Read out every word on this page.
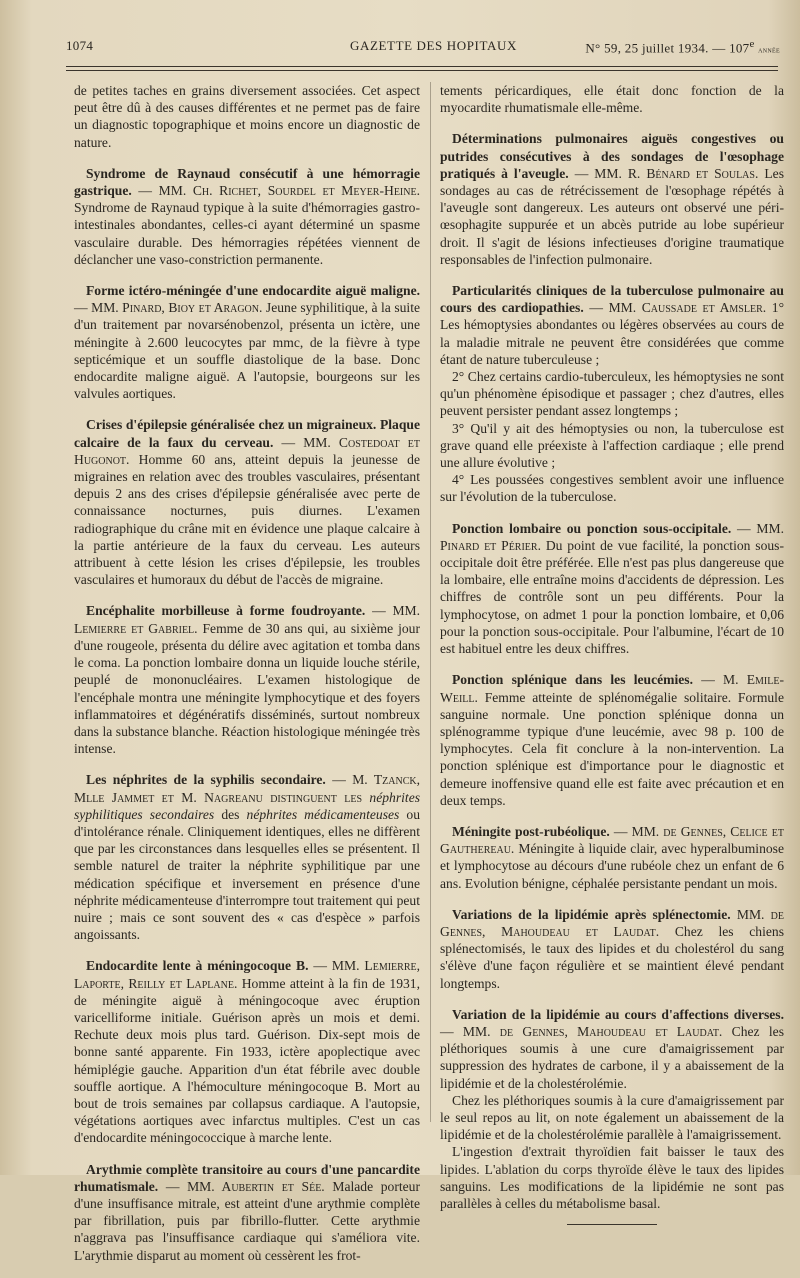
1074	GAZETTE DES HOPITAUX	N° 59, 25 juillet 1934. — 107e année

de petites taches en grains diversement associées. Cet aspect peut être dû à des causes différentes et ne permet pas de faire un diagnostic topographique et moins encore un diagnostic de nature.

Syndrome de Raynaud consécutif à une hémorragie gastrique. — MM. Ch. Richet, Sourdel et Meyer-Heine. Syndrome de Raynaud typique à la suite d'hémorragies gastro-intestinales abondantes, celles-ci ayant déterminé un spasme vasculaire durable. Des hémorragies répétées viennent de déclancher une vaso-constriction permanente.

Forme ictéro-méningée d'une endocardite aiguë maligne. — MM. Pinard, Bioy et Aragon. Jeune syphilitique, à la suite d'un traitement par novarsénobenzol, présenta un ictère, une méningite à 2.600 leucocytes par mmc, de la fièvre à type septicémique et un souffle diastolique de la base. Donc endocardite maligne aiguë. A l'autopsie, bourgeons sur les valvules aortiques.

Crises d'épilepsie généralisée chez un migraineux. Plaque calcaire de la faux du cerveau. — MM. Costedoat et Hugonot. Homme 60 ans, atteint depuis la jeunesse de migraines en relation avec des troubles vasculaires, présentant depuis 2 ans des crises d'épilepsie généralisée avec perte de connaissance nocturnes, puis diurnes. L'examen radiographique du crâne mit en évidence une plaque calcaire à la partie antérieure de la faux du cerveau. Les auteurs attribuent à cette lésion les crises d'épilepsie, les troubles vasculaires et humoraux du début de l'accès de migraine.

Encéphalite morbilleuse à forme foudroyante. — MM. Lemierre et Gabriel. Femme de 30 ans qui, au sixième jour d'une rougeole, présenta du délire avec agitation et tomba dans le coma. La ponction lombaire donna un liquide louche stérile, peuplé de mononucléaires. L'examen histologique de l'encéphale montra une méningite lymphocytique et des foyers inflammatoires et dégénératifs disséminés, surtout nombreux dans la substance blanche. Réaction histologique méningée très intense.

Les néphrites de la syphilis secondaire. — M. Tzanck, Mlle Jammet et M. Nagreanu distinguent les néphrites syphilitiques secondaires des néphrites médicamenteuses ou d'intolérance rénale. Cliniquement identiques, elles ne diffèrent que par les circonstances dans lesquelles elles se présentent. Il semble naturel de traiter la néphrite syphilitique par une médication spécifique et inversement en présence d'une néphrite médicamenteuse d'interrompre tout traitement qui peut nuire ; mais ce sont souvent des « cas d'espèce » parfois angoissants.

Endocardite lente à méningocoque B. — MM. Lemierre, Laporte, Reilly et Laplane. Homme atteint à la fin de 1931, de méningite aiguë à méningocoque avec éruption varicelliforme initiale. Guérison après un mois et demi. Rechute deux mois plus tard. Guérison. Dix-sept mois de bonne santé apparente. Fin 1933, ictère apoplectique avec hémiplégie gauche. Apparition d'un état fébrile avec double souffle aortique. A l'hémoculture méningocoque B. Mort au bout de trois semaines par collapsus cardiaque. A l'autopsie, végétations aortiques avec infarctus multiples. C'est un cas d'endocardite méningococcique à marche lente.

Arythmie complète transitoire au cours d'une pancardite rhumatismale. — MM. Aubertin et Sée. Malade porteur d'une insuffisance mitrale, est atteint d'une arythmie complète par fibrillation, puis par fibrillo-flutter. Cette arythmie n'aggrava pas l'insuffisance cardiaque qui s'améliora vite. L'arythmie disparut au moment où cessèrent les frot-

tements péricardiques, elle était donc fonction de la myocardite rhumatismale elle-même.

Déterminations pulmonaires aiguës congestives ou putrides consécutives à des sondages de l'œsophage pratiqués à l'aveugle. — MM. R. Bénard et Soulas. Les sondages au cas de rétrécissement de l'œsophage répétés à l'aveugle sont dangereux. Les auteurs ont observé une péri-œsophagite suppurée et un abcès putride au lobe supérieur droit. Il s'agit de lésions infectieuses d'origine traumatique responsables de l'infection pulmonaire.

Particularités cliniques de la tuberculose pulmonaire au cours des cardiopathies. — MM. Caussade et Amsler. 1° Les hémoptysies abondantes ou légères observées au cours de la maladie mitrale ne peuvent être considérées que comme étant de nature tuberculeuse ;

2° Chez certains cardio-tuberculeux, les hémoptysies ne sont qu'un phénomène épisodique et passager ; chez d'autres, elles peuvent persister pendant assez longtemps ;

3° Qu'il y ait des hémoptysies ou non, la tuberculose est grave quand elle préexiste à l'affection cardiaque ; elle prend une allure évolutive ;

4° Les poussées congestives semblent avoir une influence sur l'évolution de la tuberculose.

Ponction lombaire ou ponction sous-occipitale. — MM. Pinard et Périer. Du point de vue facilité, la ponction sous-occipitale doit être préférée. Elle n'est pas plus dangereuse que la lombaire, elle entraîne moins d'accidents de dépression. Les chiffres de contrôle sont un peu différents. Pour la lymphocytose, on admet 1 pour la ponction lombaire, et 0,06 pour la ponction sous-occipitale. Pour l'albumine, l'écart de 10 est habituel entre les deux chiffres.

Ponction splénique dans les leucémies. — M. Emile-Weill. Femme atteinte de splénomégalie solitaire. Formule sanguine normale. Une ponction splénique donna un splénogramme typique d'une leucémie, avec 98 p. 100 de lymphocytes. Cela fit conclure à la non-intervention. La ponction splénique est d'importance pour le diagnostic et demeure inoffensive quand elle est faite avec précaution et en deux temps.

Méningite post-rubéolique. — MM. de Gennes, Celice et Gauthereau. Méningite à liquide clair, avec hyperalbuminose et lymphocytose au décours d'une rubéole chez un enfant de 6 ans. Evolution bénigne, céphalée persistante pendant un mois.

Variations de la lipidémie après splénectomie. MM. de Gennes, Mahoudeau et Laudat. Chez les chiens splénectomisés, le taux des lipides et du cholestérol du sang s'élève d'une façon régulière et se maintient élevé pendant longtemps.

Variation de la lipidémie au cours d'affections diverses. — MM. de Gennes, Mahoudeau et Laudat. Chez les pléthoriques soumis à une cure d'amaigrissement par suppression des hydrates de carbone, il y a abaissement de la lipidémie et de la cholestérolémie.

Chez les pléthoriques soumis à la cure d'amaigrissement par le seul repos au lit, on note également un abaissement de la lipidémie et de la cholestérolémie parallèle à l'amaigrissement.

L'ingestion d'extrait thyroïdien fait baisser le taux des lipides. L'ablation du corps thyroïde élève le taux des lipides sanguins. Les modifications de la lipidémie ne sont pas parallèles à celles du métabolisme basal.
